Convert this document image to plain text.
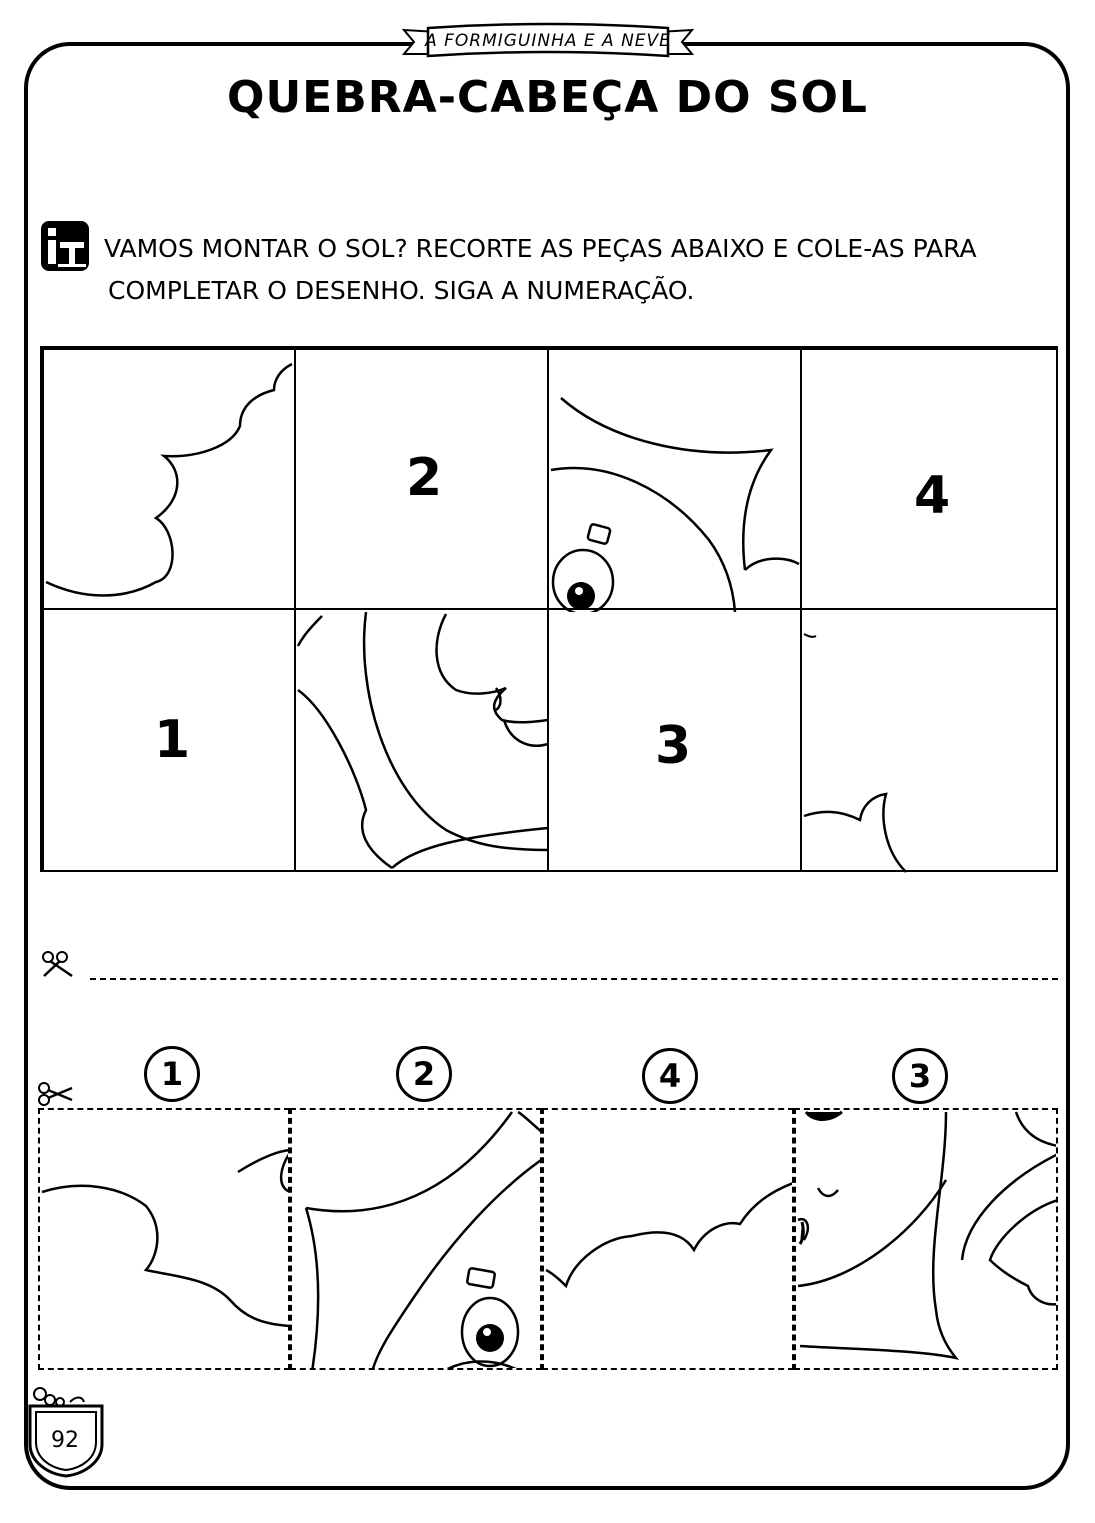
A FORMIGUINHA E A NEVE
QUEBRA-CABEÇA DO SOL
VAMOS MONTAR O SOL? RECORTE AS PEÇAS ABAIXO E COLE-AS PARA
COMPLETAR O DESENHO. SIGA A NUMERAÇÃO.
2	4
1	3
1	2	4	3
92
